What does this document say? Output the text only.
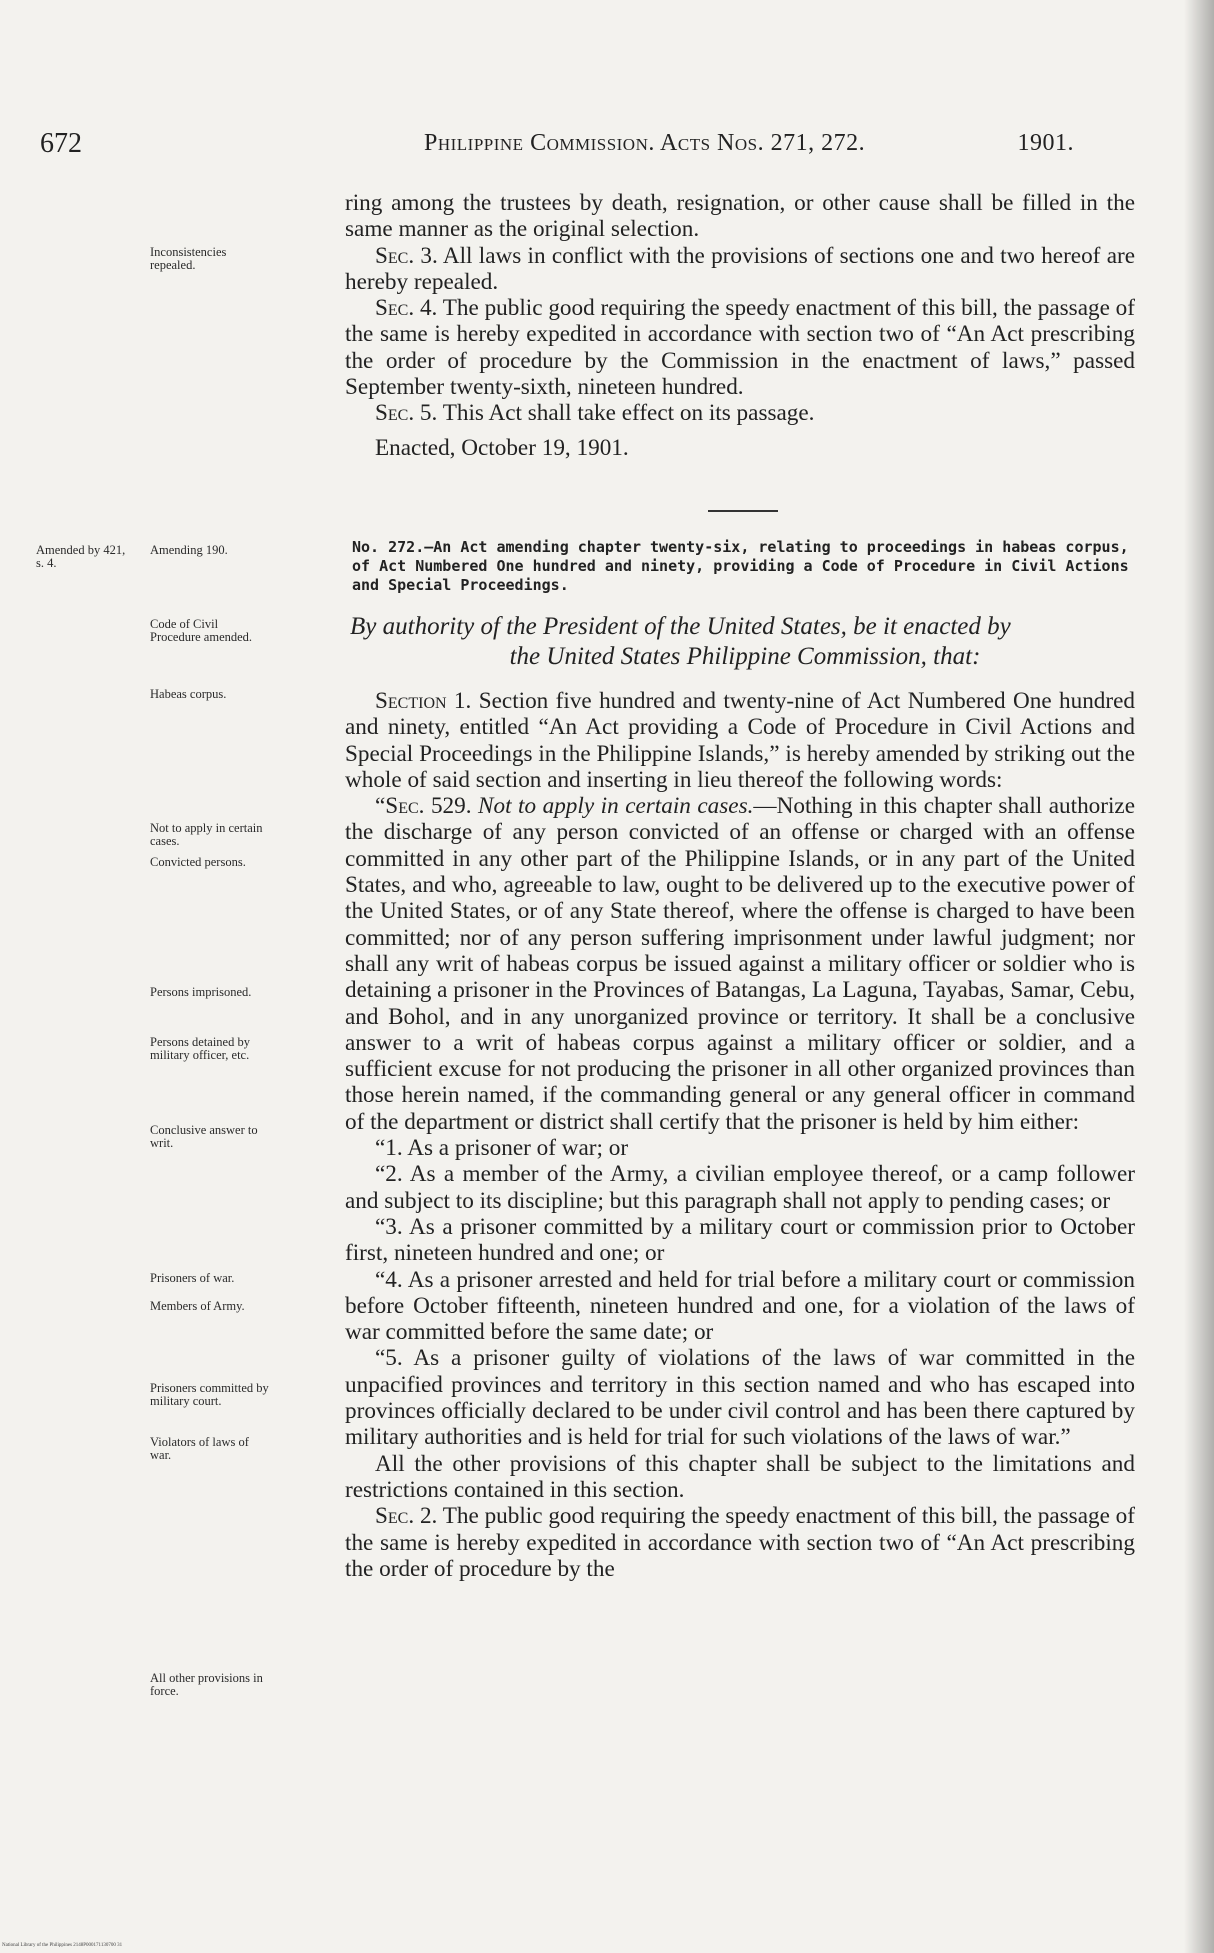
672	Philippine Commission. Acts Nos. 271, 272.	1901.

ring among the trustees by death, resignation, or other cause shall be filled in the same manner as the original selection.

Sec. 3. All laws in conflict with the provisions of sections one and two hereof are hereby repealed.

Sec. 4. The public good requiring the speedy enactment of this bill, the passage of the same is hereby expedited in accordance with section two of “An Act prescribing the order of procedure by the Commission in the enactment of laws,” passed September twenty-sixth, nineteen hundred.

Sec. 5. This Act shall take effect on its passage.

Enacted, October 19, 1901.

No. 272.—An Act amending chapter twenty-six, relating to proceedings in habeas corpus, of Act Numbered One hundred and ninety, providing a Code of Procedure in Civil Actions and Special Proceedings.
By authority of the President of the United States, be it enacted by
the United States Philippine Commission, that:

Section 1. Section five hundred and twenty-nine of Act Numbered One hundred and ninety, entitled “An Act providing a Code of Procedure in Civil Actions and Special Proceedings in the Philippine Islands,” is hereby amended by striking out the whole of said section and inserting in lieu thereof the following words:

“Sec. 529. Not to apply in certain cases.—Nothing in this chapter shall authorize the discharge of any person convicted of an offense or charged with an offense committed in any other part of the Philippine Islands, or in any part of the United States, and who, agreeable to law, ought to be delivered up to the executive power of the United States, or of any State thereof, where the offense is charged to have been committed; nor of any person suffering imprisonment under lawful judgment; nor shall any writ of habeas corpus be issued against a military officer or soldier who is detaining a prisoner in the Provinces of Batangas, La Laguna, Tayabas, Samar, Cebu, and Bohol, and in any unorganized province or territory. It shall be a conclusive answer to a writ of habeas corpus against a military officer or soldier, and a sufficient excuse for not producing the prisoner in all other organized provinces than those herein named, if the commanding general or any general officer in command of the department or district shall certify that the prisoner is held by him either:

“1. As a prisoner of war; or

“2. As a member of the Army, a civilian employee thereof, or a camp follower and subject to its discipline; but this paragraph shall not apply to pending cases; or

“3. As a prisoner committed by a military court or commission prior to October first, nineteen hundred and one; or

“4. As a prisoner arrested and held for trial before a military court or commission before October fifteenth, nineteen hundred and one, for a violation of the laws of war committed before the same date; or

“5. As a prisoner guilty of violations of the laws of war committed in the unpacified provinces and territory in this section named and who has escaped into provinces officially declared to be under civil control and has been there captured by military authorities and is held for trial for such violations of the laws of war.”

All the other provisions of this chapter shall be subject to the limitations and restrictions contained in this section.

Sec. 2. The public good requiring the speedy enactment of this bill, the passage of the same is hereby expedited in accordance with section two of “An Act prescribing the order of procedure by the

Inconsistencies repealed.
Amended by 421, s. 4.
Amending 190.
Code of Civil Procedure amended.
Habeas corpus.
Not to apply in certain cases.
Convicted persons.
Persons imprisoned.
Persons detained by military officer, etc.
Conclusive answer to writ.
Prisoners of war.
Members of Army.
Prisoners committed by military court.
Violators of laws of war.
All other provisions in force.
National Library of the Philippines 2148P000171130700 31
